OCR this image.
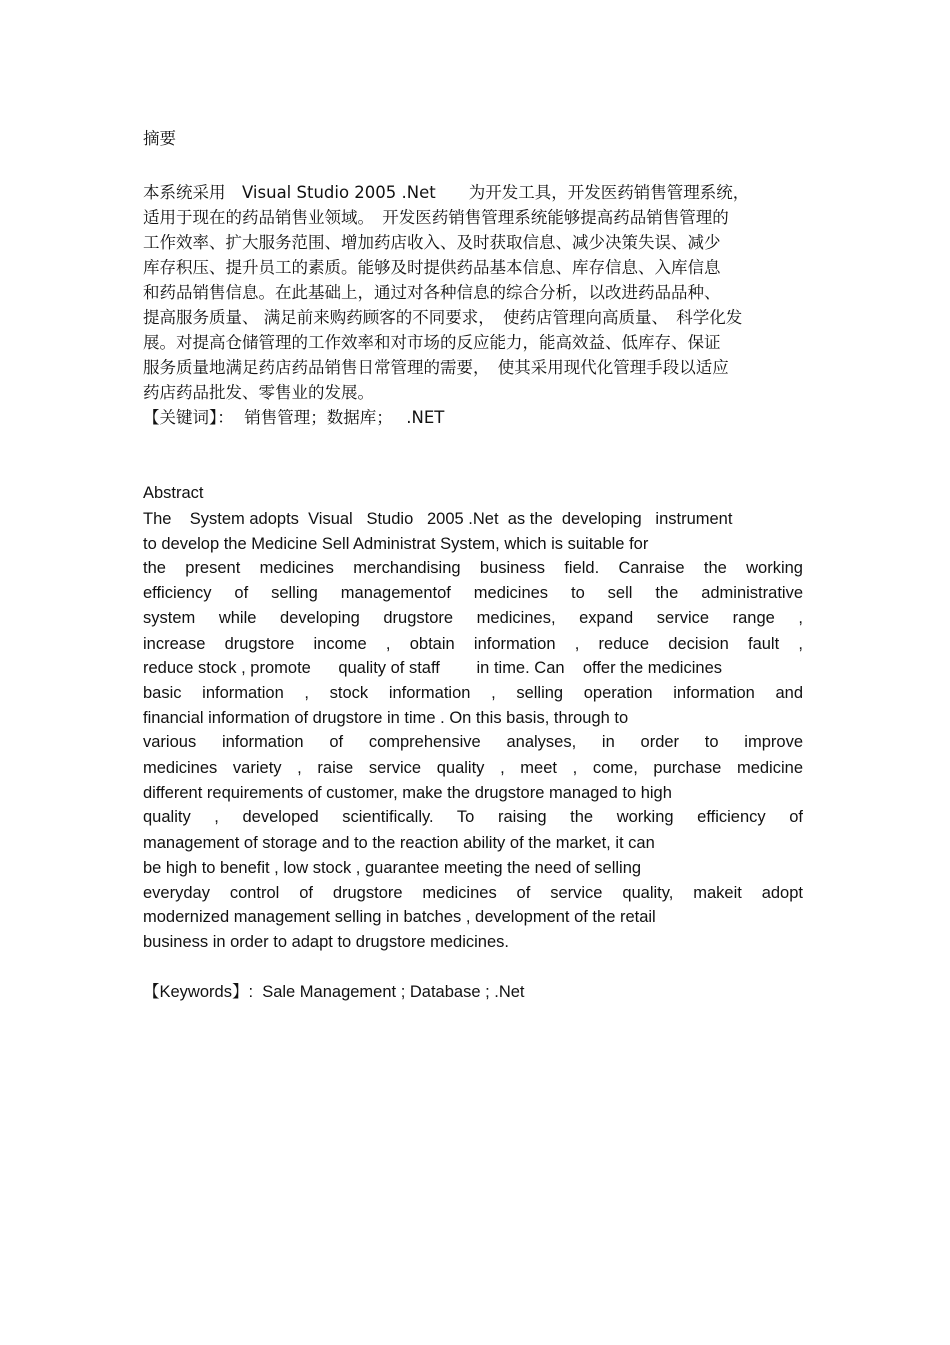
摘要
本系统采用　Visual Studio 2005 .Net　　为开发工具，开发医药销售管理系统，
适用于现在的药品销售业领域。　开发医药销售管理系统能够提高药品销售管理的
工作效率、扩大服务范围、增加药店收入、及时获取信息、减少决策失误、减少
库存积压、提升员工的素质。能够及时提供药品基本信息、库存信息、入库信息
和药品销售信息。在此基础上，通过对各种信息的综合分析，以改进药品品种、
提高服务质量、 满足前来购药顾客的不同要求，　使药店管理向高质量、　科学化发
展。对提高仓储管理的工作效率和对市场的反应能力，能高效益、低库存、保证
服务质量地满足药店药品销售日常管理的需要，　使其采用现代化管理手段以适应
药店药品批发、零售业的发展。
【关键词】：  销售管理；数据库；　 .NET
Abstract
The    System adopts  Visual   Studio   2005 .Net  as the  developing   instrument
to develop the Medicine Sell Administrat System, which is suitable for
the present medicines merchandising business field. Canraise the working
efficiency of selling managementof medicines to sell the administrative
system while developing drugstore medicines, expand service range ,
increase drugstore income , obtain information , reduce decision fault ,
reduce stock , promote      quality of staff        in time. Can    offer the medicines
basic information , stock information , selling operation information and
financial information of drugstore in time . On this basis, through to
various information of comprehensive analyses, in order to improve
medicines variety , raise service quality , meet , come, purchase medicine
different requirements of customer, make the drugstore managed to high
quality , developed scientifically. To raising the working efficiency of
management of storage and to the reaction ability of the market, it can
be high to benefit , low stock , guarantee meeting the need of selling
everyday control of drugstore medicines of service quality, makeit adopt
modernized management selling in batches , development of the retail
business in order to adapt to drugstore medicines.
【Keywords】:  Sale Management ; Database ; .Net
